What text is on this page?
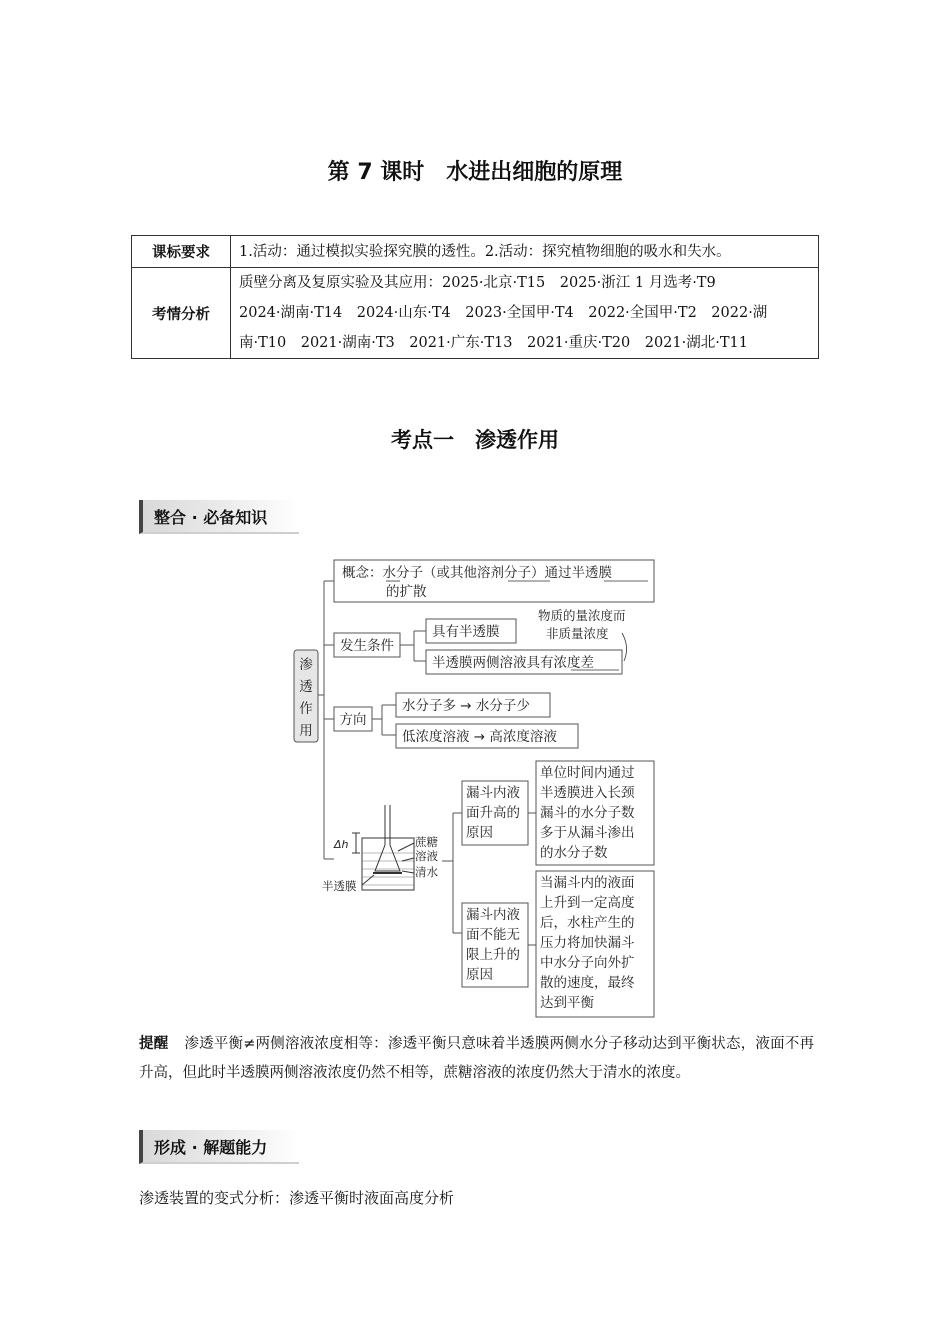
第 7 课时　水进出细胞的原理
课标要求	1.活动：通过模拟实验探究膜的透性。2.活动：探究植物细胞的吸水和失水。
考情分析	质壁分离及复原实验及其应用：2025·北京·T15　2025·浙江 1 月选考·T9
2024·湖南·T14　2024·山东·T4　2023·全国甲·T4　2022·全国甲·T2　2022·湖
南·T10　2021·湖南·T3　2021·广东·T13　2021·重庆·T20　2021·湖北·T11
考点一　渗透作用
整合 · 必备知识
渗
透
作
用
概念：水分子（或其他溶剂分子）通过半透膜
的扩散
发生条件
具有半透膜
半透膜两侧溶液具有浓度差
物质的量浓度而
非质量浓度
方向
水分子多 → 水分子少
低浓度溶液 → 高浓度溶液
Δh	蔗糖
溶液
清水
半透膜
漏斗内液
面升高的
原因
单位时间内通过
半透膜进入长颈
漏斗的水分子数
多于从漏斗渗出
的水分子数
漏斗内液
面不能无
限上升的
原因
当漏斗内的液面
上升到一定高度
后，水柱产生的
压力将加快漏斗
中水分子向外扩
散的速度，最终
达到平衡
提醒 渗透平衡≠两侧溶液浓度相等：渗透平衡只意味着半透膜两侧水分子移动达到平衡状态，液面不再升高，但此时半透膜两侧溶液浓度仍然不相等，蔗糖溶液的浓度仍然大于清水的浓度。
形成 · 解题能力
渗透装置的变式分析：渗透平衡时液面高度分析
